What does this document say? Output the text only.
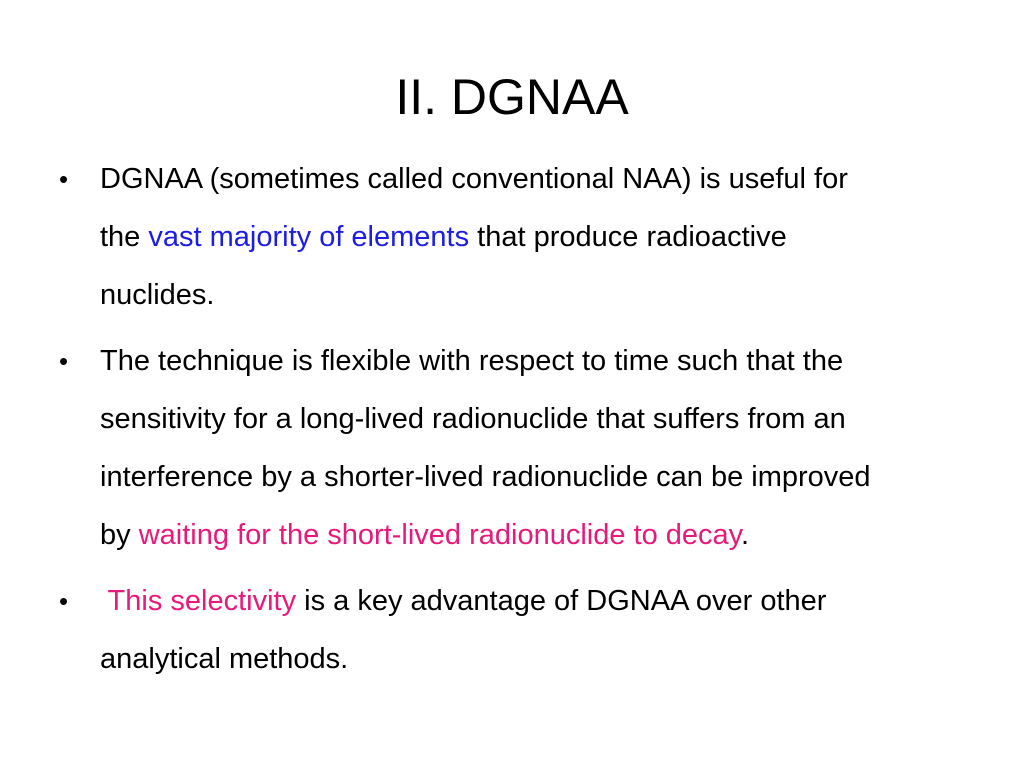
II. DGNAA
• DGNAA (sometimes called conventional NAA) is useful for
the vast majority of elements that produce radioactive
nuclides.
• The technique is flexible with respect to time such that the
sensitivity for a long-lived radionuclide that suffers from an
interference by a shorter-lived radionuclide can be improved
by waiting for the short-lived radionuclide to decay.
• This selectivity is a key advantage of DGNAA over other
analytical methods.
